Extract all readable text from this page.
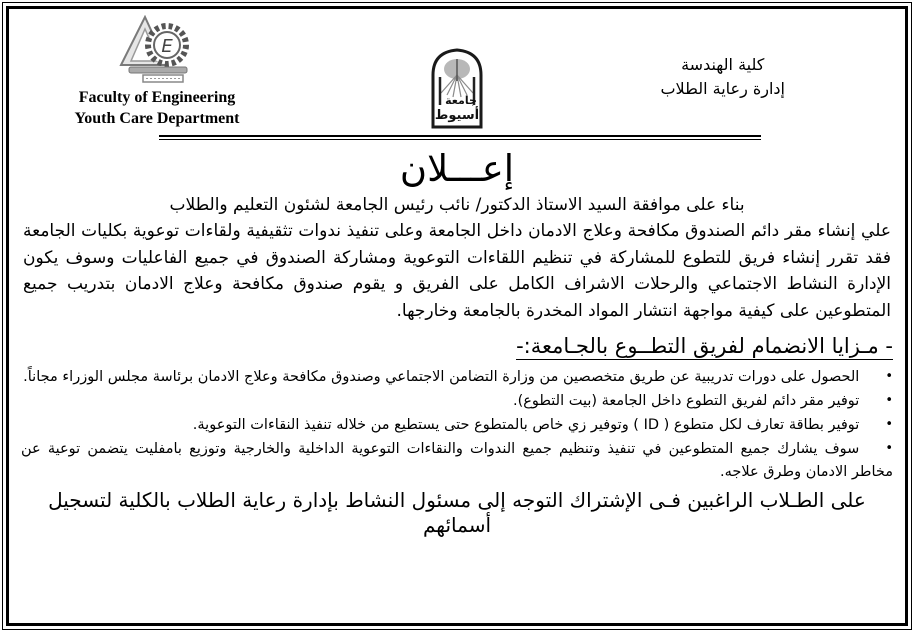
E
Faculty of Engineering
Youth Care Department
جامعة
أسيوط
كلية الهندسة
إدارة رعاية الطلاب
إعـــلان

بناء على موافقة السيد الاستاذ الدكتور/ نائب رئيس الجامعة لشئون التعليم والطلاب

علي إنشاء مقر دائم الصندوق مكافحة وعلاج الادمان داخل الجامعة وعلى تنفيذ ندوات تثقيفية ولقاءات توعوية بكليات الجامعة فقد تقرر إنشاء فريق للتطوع للمشاركة في تنظيم اللقاءات التوعوية ومشاركة الصندوق في جميع الفاعليات وسوف يكون الإدارة النشاط الاجتماعي والرحلات الاشراف الكامل على الفريق و يقوم صندوق مكافحة وعلاج الادمان بتدريب جميع المتطوعين على كيفية مواجهة انتشار المواد المخدرة بالجامعة وخارجها.

- مـزايا الانضمام لفريق التطــوع بالجـامعة:-
•الحصول على دورات تدريبية عن طريق متخصصين من وزارة التضامن الاجتماعي وصندوق مكافحة وعلاج الادمان برئاسة مجلس الوزراء مجاناً.
•توفير مقر دائم لفريق التطوع داخل الجامعة (بيت التطوع).
•توفير بطاقة تعارف لكل متطوع ( ID ) وتوفير زي خاص بالمتطوع حتى يستطيع من خلاله تنفيذ النقاءات التوعوية.
•سوف يشارك جميع المتطوعين في تنفيذ وتنظيم جميع الندوات والنقاءات التوعوية الداخلية والخارجية وتوزيع بامفليت يتضمن توعية عن مخاطر الادمان وطرق علاجه.

على الطـلاب الراغبين فـى الإشتراك التوجه إلى مسئول النشاط بإدارة رعاية الطلاب بالكلية لتسجيل أسمائهم
